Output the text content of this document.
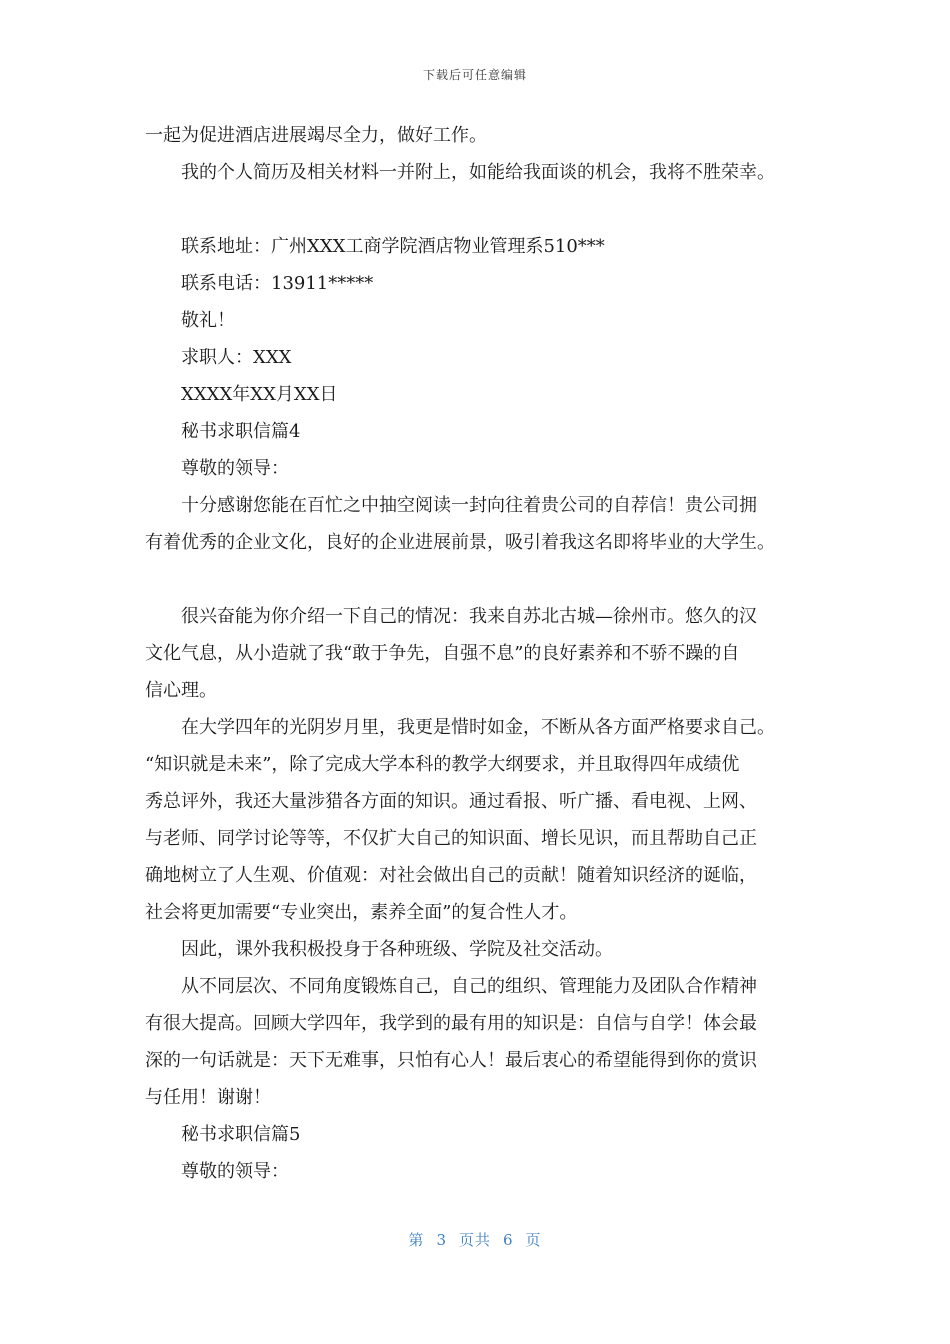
下载后可任意编辑

一起为促进酒店进展竭尽全力，做好工作。

我的个人简历及相关材料一并附上，如能给我面谈的机会，我将不胜荣幸。

联系地址：广州XXX工商学院酒店物业管理系510***

联系电话：13911*****

敬礼！

求职人：XXX

XXXX年XX月XX日

秘书求职信篇4

尊敬的领导：

十分感谢您能在百忙之中抽空阅读一封向往着贵公司的自荐信！贵公司拥

有着优秀的企业文化，良好的企业进展前景，吸引着我这名即将毕业的大学生。

很兴奋能为你介绍一下自己的情况：我来自苏北古城—徐州市。悠久的汉

文化气息，从小造就了我“敢于争先，自强不息”的良好素养和不骄不躁的自

信心理。

在大学四年的光阴岁月里，我更是惜时如金，不断从各方面严格要求自己。

“知识就是未来”，除了完成大学本科的教学大纲要求，并且取得四年成绩优

秀总评外，我还大量涉猎各方面的知识。通过看报、听广播、看电视、上网、

与老师、同学讨论等等，不仅扩大自己的知识面、增长见识，而且帮助自己正

确地树立了人生观、价值观：对社会做出自己的贡献！随着知识经济的诞临，

社会将更加需要“专业突出，素养全面”的复合性人才。

因此，课外我积极投身于各种班级、学院及社交活动。

从不同层次、不同角度锻炼自己，自己的组织、管理能力及团队合作精神

有很大提高。回顾大学四年，我学到的最有用的知识是：自信与自学！体会最

深的一句话就是：天下无难事，只怕有心人！最后衷心的希望能得到你的赏识

与任用！谢谢！

秘书求职信篇5

尊敬的领导：

第 3 页共 6 页
